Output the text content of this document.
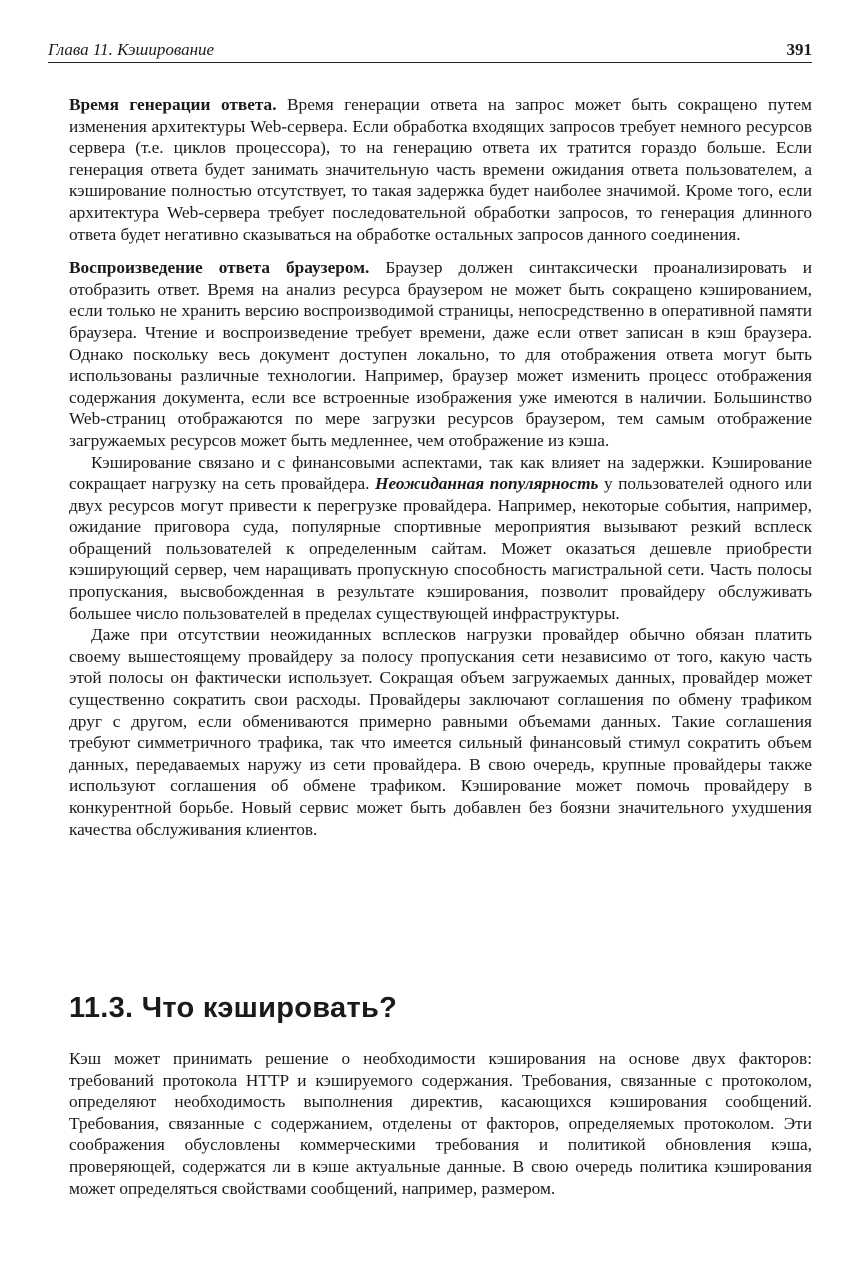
Глава 11. Кэширование	391

Время генерации ответа. Время генерации ответа на запрос может быть сокращено путем изменения архитектуры Web-сервера. Если обработка входящих запросов требует немного ресурсов сервера (т.е. циклов процессора), то на генерацию ответа их тратится гораздо больше. Если генерация ответа будет занимать значительную часть времени ожидания ответа пользователем, а кэширование полностью отсутствует, то такая задержка будет наиболее значимой. Кроме того, если архитектура Web-сервера требует последовательной обработки запросов, то генерация длинного ответа будет негативно сказываться на обработке остальных запросов данного соединения.

Воспроизведение ответа браузером. Браузер должен синтаксически проанализировать и отобразить ответ. Время на анализ ресурса браузером не может быть сокращено кэшированием, если только не хранить версию воспроизводимой страницы, непосредственно в оперативной памяти браузера. Чтение и воспроизведение требует времени, даже если ответ записан в кэш браузера. Однако поскольку весь документ доступен локально, то для отображения ответа могут быть использованы различные технологии. Например, браузер может изменить процесс отображения содержания документа, если все встроенные изображения уже имеются в наличии. Большинство Web-страниц отображаются по мере загрузки ресурсов браузером, тем самым отображение загружаемых ресурсов может быть медленнее, чем отображение из кэша.

Кэширование связано и с финансовыми аспектами, так как влияет на задержки. Кэширование сокращает нагрузку на сеть провайдера. Неожиданная популярность у пользователей одного или двух ресурсов могут привести к перегрузке провайдера. Например, некоторые события, например, ожидание приговора суда, популярные спортивные мероприятия вызывают резкий всплеск обращений пользователей к определенным сайтам. Может оказаться дешевле приобрести кэширующий сервер, чем наращивать пропускную способность магистральной сети. Часть полосы пропускания, высвобожденная в результате кэширования, позволит провайдеру обслуживать большее число пользователей в пределах существующей инфраструктуры.

Даже при отсутствии неожиданных всплесков нагрузки провайдер обычно обязан платить своему вышестоящему провайдеру за полосу пропускания сети независимо от того, какую часть этой полосы он фактически использует. Сокращая объем загружаемых данных, провайдер может существенно сократить свои расходы. Провайдеры заключают соглашения по обмену трафиком друг с другом, если обмениваются примерно равными объемами данных. Такие соглашения требуют симметричного трафика, так что имеется сильный финансовый стимул сократить объем данных, передаваемых наружу из сети провайдера. В свою очередь, крупные провайдеры также используют соглашения об обмене трафиком. Кэширование может помочь провайдеру в конкурентной борьбе. Новый сервис может быть добавлен без боязни значительного ухудшения качества обслуживания клиентов.

11.3. Что кэшировать?

Кэш может принимать решение о необходимости кэширования на основе двух факторов: требований протокола HTTP и кэшируемого содержания. Требования, связанные с протоколом, определяют необходимость выполнения директив, касающихся кэширования сообщений. Требования, связанные с содержанием, отделены от факторов, определяемых протоколом. Эти соображения обусловлены коммерческими требования и политикой обновления кэша, проверяющей, содержатся ли в кэше актуальные данные. В свою очередь политика кэширования может определяться свойствами сообщений, например, размером.
